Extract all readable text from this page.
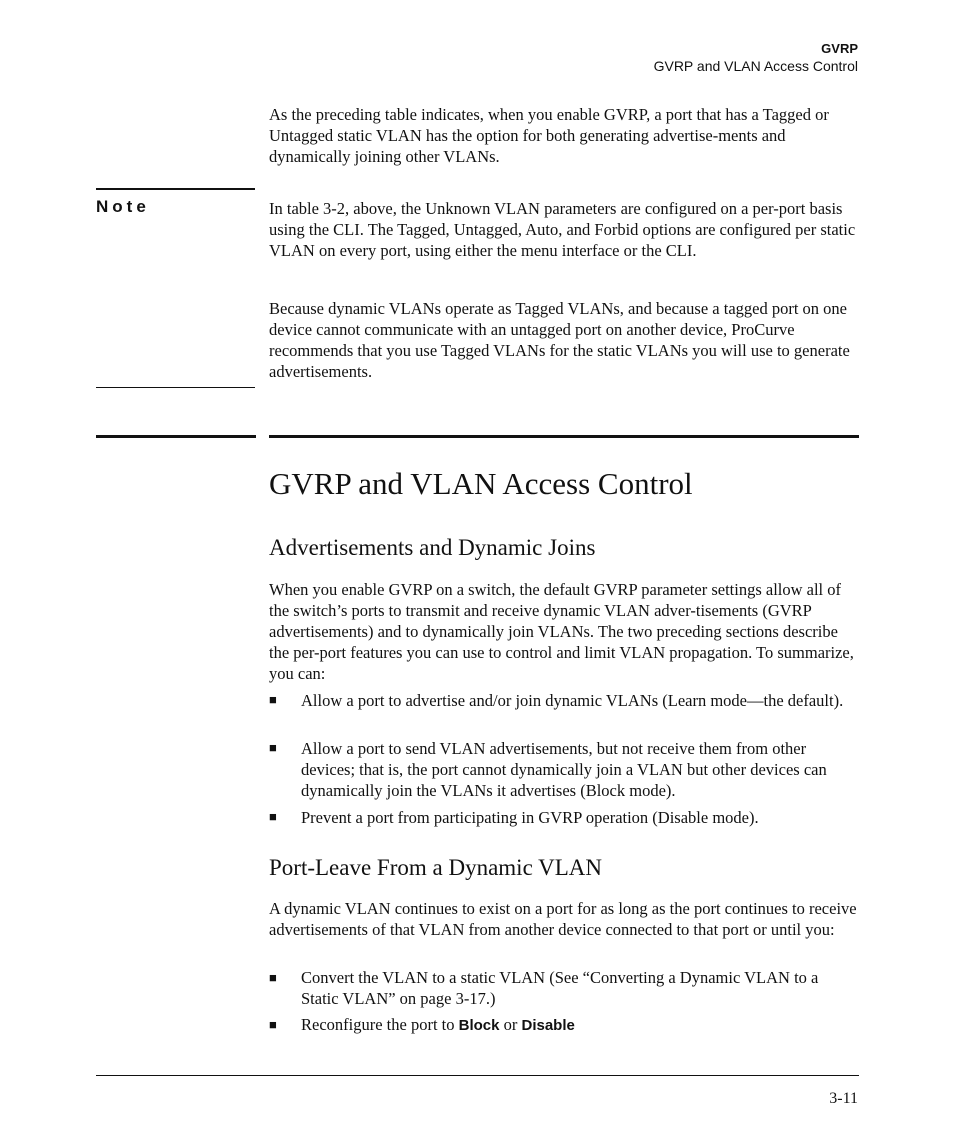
GVRP
GVRP and VLAN Access Control

As the preceding table indicates, when you enable GVRP, a port that has a Tagged or Untagged static VLAN has the option for both generating advertise-ments and dynamically joining other VLANs.

Note	In table 3-2, above, the Unknown VLAN parameters are configured on a per-port basis using the CLI. The Tagged, Untagged, Auto, and Forbid options are configured per static VLAN on every port, using either the menu interface or the CLI.

Because dynamic VLANs operate as Tagged VLANs, and because a tagged port on one device cannot communicate with an untagged port on another device, ProCurve recommends that you use Tagged VLANs for the static VLANs you will use to generate advertisements.

GVRP and VLAN Access Control
Advertisements and Dynamic Joins

When you enable GVRP on a switch, the default GVRP parameter settings allow all of the switch’s ports to transmit and receive dynamic VLAN adver-tisements (GVRP advertisements) and to dynamically join VLANs. The two preceding sections describe the per-port features you can use to control and limit VLAN propagation. To summarize, you can:

■ Allow a port to advertise and/or join dynamic VLANs (Learn mode—the default).
■ Allow a port to send VLAN advertisements, but not receive them from other devices; that is, the port cannot dynamically join a VLAN but other devices can dynamically join the VLANs it advertises (Block mode).
■ Prevent a port from participating in GVRP operation (Disable mode).
Port-Leave From a Dynamic VLAN

A dynamic VLAN continues to exist on a port for as long as the port continues to receive advertisements of that VLAN from another device connected to that port or until you:

■ Convert the VLAN to a static VLAN (See “Converting a Dynamic VLAN to a Static VLAN” on page 3-17.)
■ Reconfigure the port to Block or Disable
3-11
